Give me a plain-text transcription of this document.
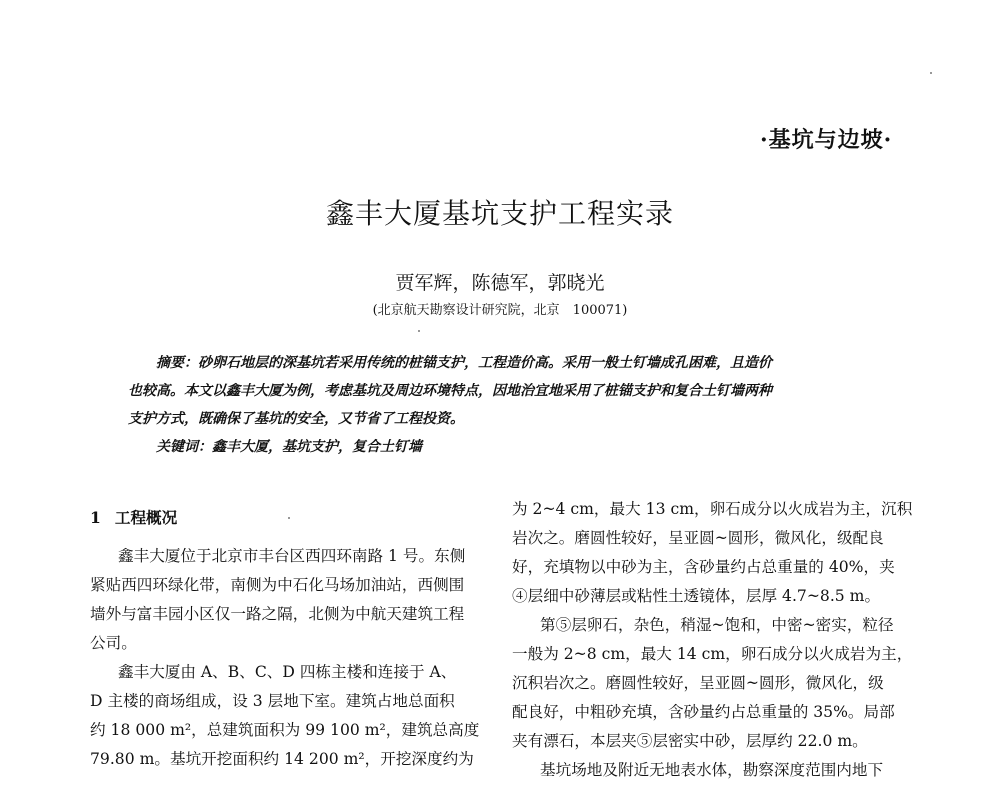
·基坑与边坡·
鑫丰大厦基坑支护工程实录
贾军辉，陈德军，郭晓光
(北京航天勘察设计研究院，北京　100071)
摘要：砂卵石地层的深基坑若采用传统的桩锚支护，工程造价高。采用一般土钉墙成孔困难，且造价
也较高。本文以鑫丰大厦为例，考虑基坑及周边环境特点，因地治宜地采用了桩锚支护和复合土钉墙两种
支护方式，既确保了基坑的安全，又节省了工程投资。
关键词：鑫丰大厦，基坑支护，复合土钉墙
1 工程概况
鑫丰大厦位于北京市丰台区西四环南路 1 号。东侧
紧贴西四环绿化带，南侧为中石化马场加油站，西侧围
墙外与富丰园小区仅一路之隔，北侧为中航天建筑工程
公司。
鑫丰大厦由 A、B、C、D 四栋主楼和连接于 A、
D 主楼的商场组成，设 3 层地下室。建筑占地总面积
约 18 000 m²，总建筑面积为 99 100 m²，建筑总高度
79.80 m。基坑开挖面积约 14 200 m²，开挖深度约为
为 2~4 cm，最大 13 cm，卵石成分以火成岩为主，沉积
岩次之。磨圆性较好，呈亚圆~圆形，微风化，级配良
好，充填物以中砂为主，含砂量约占总重量的 40%，夹
④层细中砂薄层或粘性土透镜体，层厚 4.7~8.5 m。
第⑤层卵石，杂色，稍湿~饱和，中密~密实，粒径
一般为 2~8 cm，最大 14 cm，卵石成分以火成岩为主，
沉积岩次之。磨圆性较好，呈亚圆~圆形，微风化，级
配良好，中粗砂充填，含砂量约占总重量的 35%。局部
夹有漂石，本层夹⑤层密实中砂，层厚约 22.0 m。
基坑场地及附近无地表水体，勘察深度范围内地下
